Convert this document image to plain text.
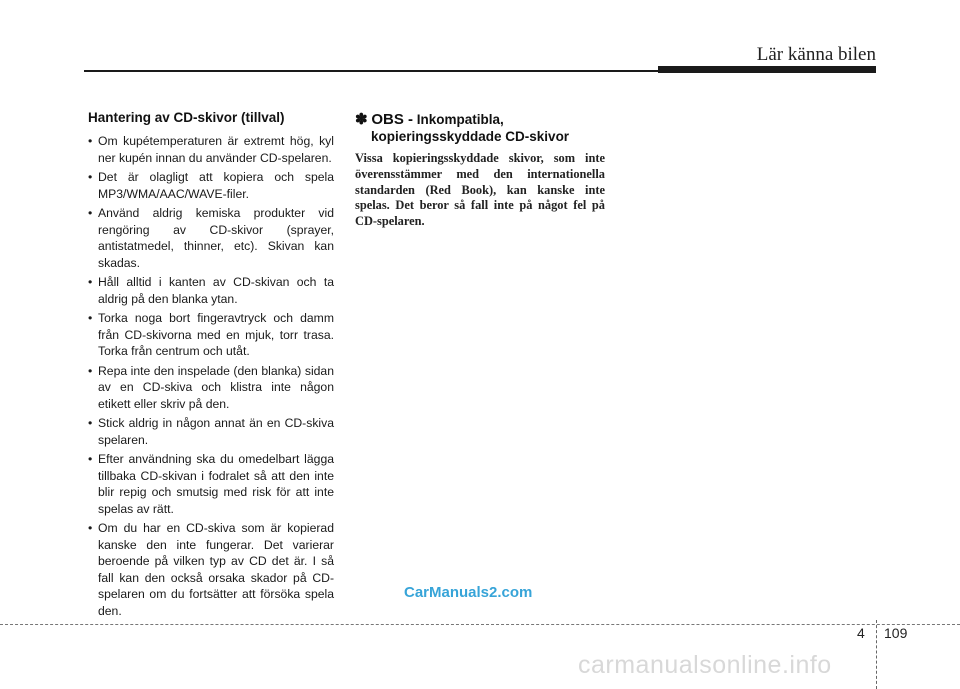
Lär känna bilen
Hantering av CD-skivor (tillval)
• Om kupétemperaturen är extremt hög, kyl ner kupén innan du använder CD-spelaren.
• Det är olagligt att kopiera och spela MP3/WMA/AAC/WAVE-filer.
• Använd aldrig kemiska produkter vid rengöring av CD-skivor (sprayer, antistatmedel, thinner, etc). Skivan kan skadas.
• Håll alltid i kanten av CD-skivan och ta aldrig på den blanka ytan.
• Torka noga bort fingeravtryck och damm från CD-skivorna med en mjuk, torr trasa. Torka från centrum och utåt.
• Repa inte den inspelade (den blanka) sidan av en CD-skiva och klistra inte någon etikett eller skriv på den.
• Stick aldrig in någon annat än en CD-skiva spelaren.
• Efter användning ska du omedelbart lägga tillbaka CD-skivan i fodralet så att den inte blir repig och smutsig med risk för att inte spelas av rätt.
• Om du har en CD-skiva som är kopierad kanske den inte fungerar. Det varierar beroende på vilken typ av CD det är. I så fall kan den också orsaka skador på CD-spelaren om du fortsätter att försöka spela den.
✽ OBS - Inkompatibla,
kopieringsskyddade CD-skivor
Vissa kopieringsskyddade skivor, som inte överensstämmer med den internationella standarden (Red Book), kan kanske inte spelas. Det beror så fall inte på något fel på CD-spelaren.
CarManuals2.com
4 109
carmanualsonline.info
